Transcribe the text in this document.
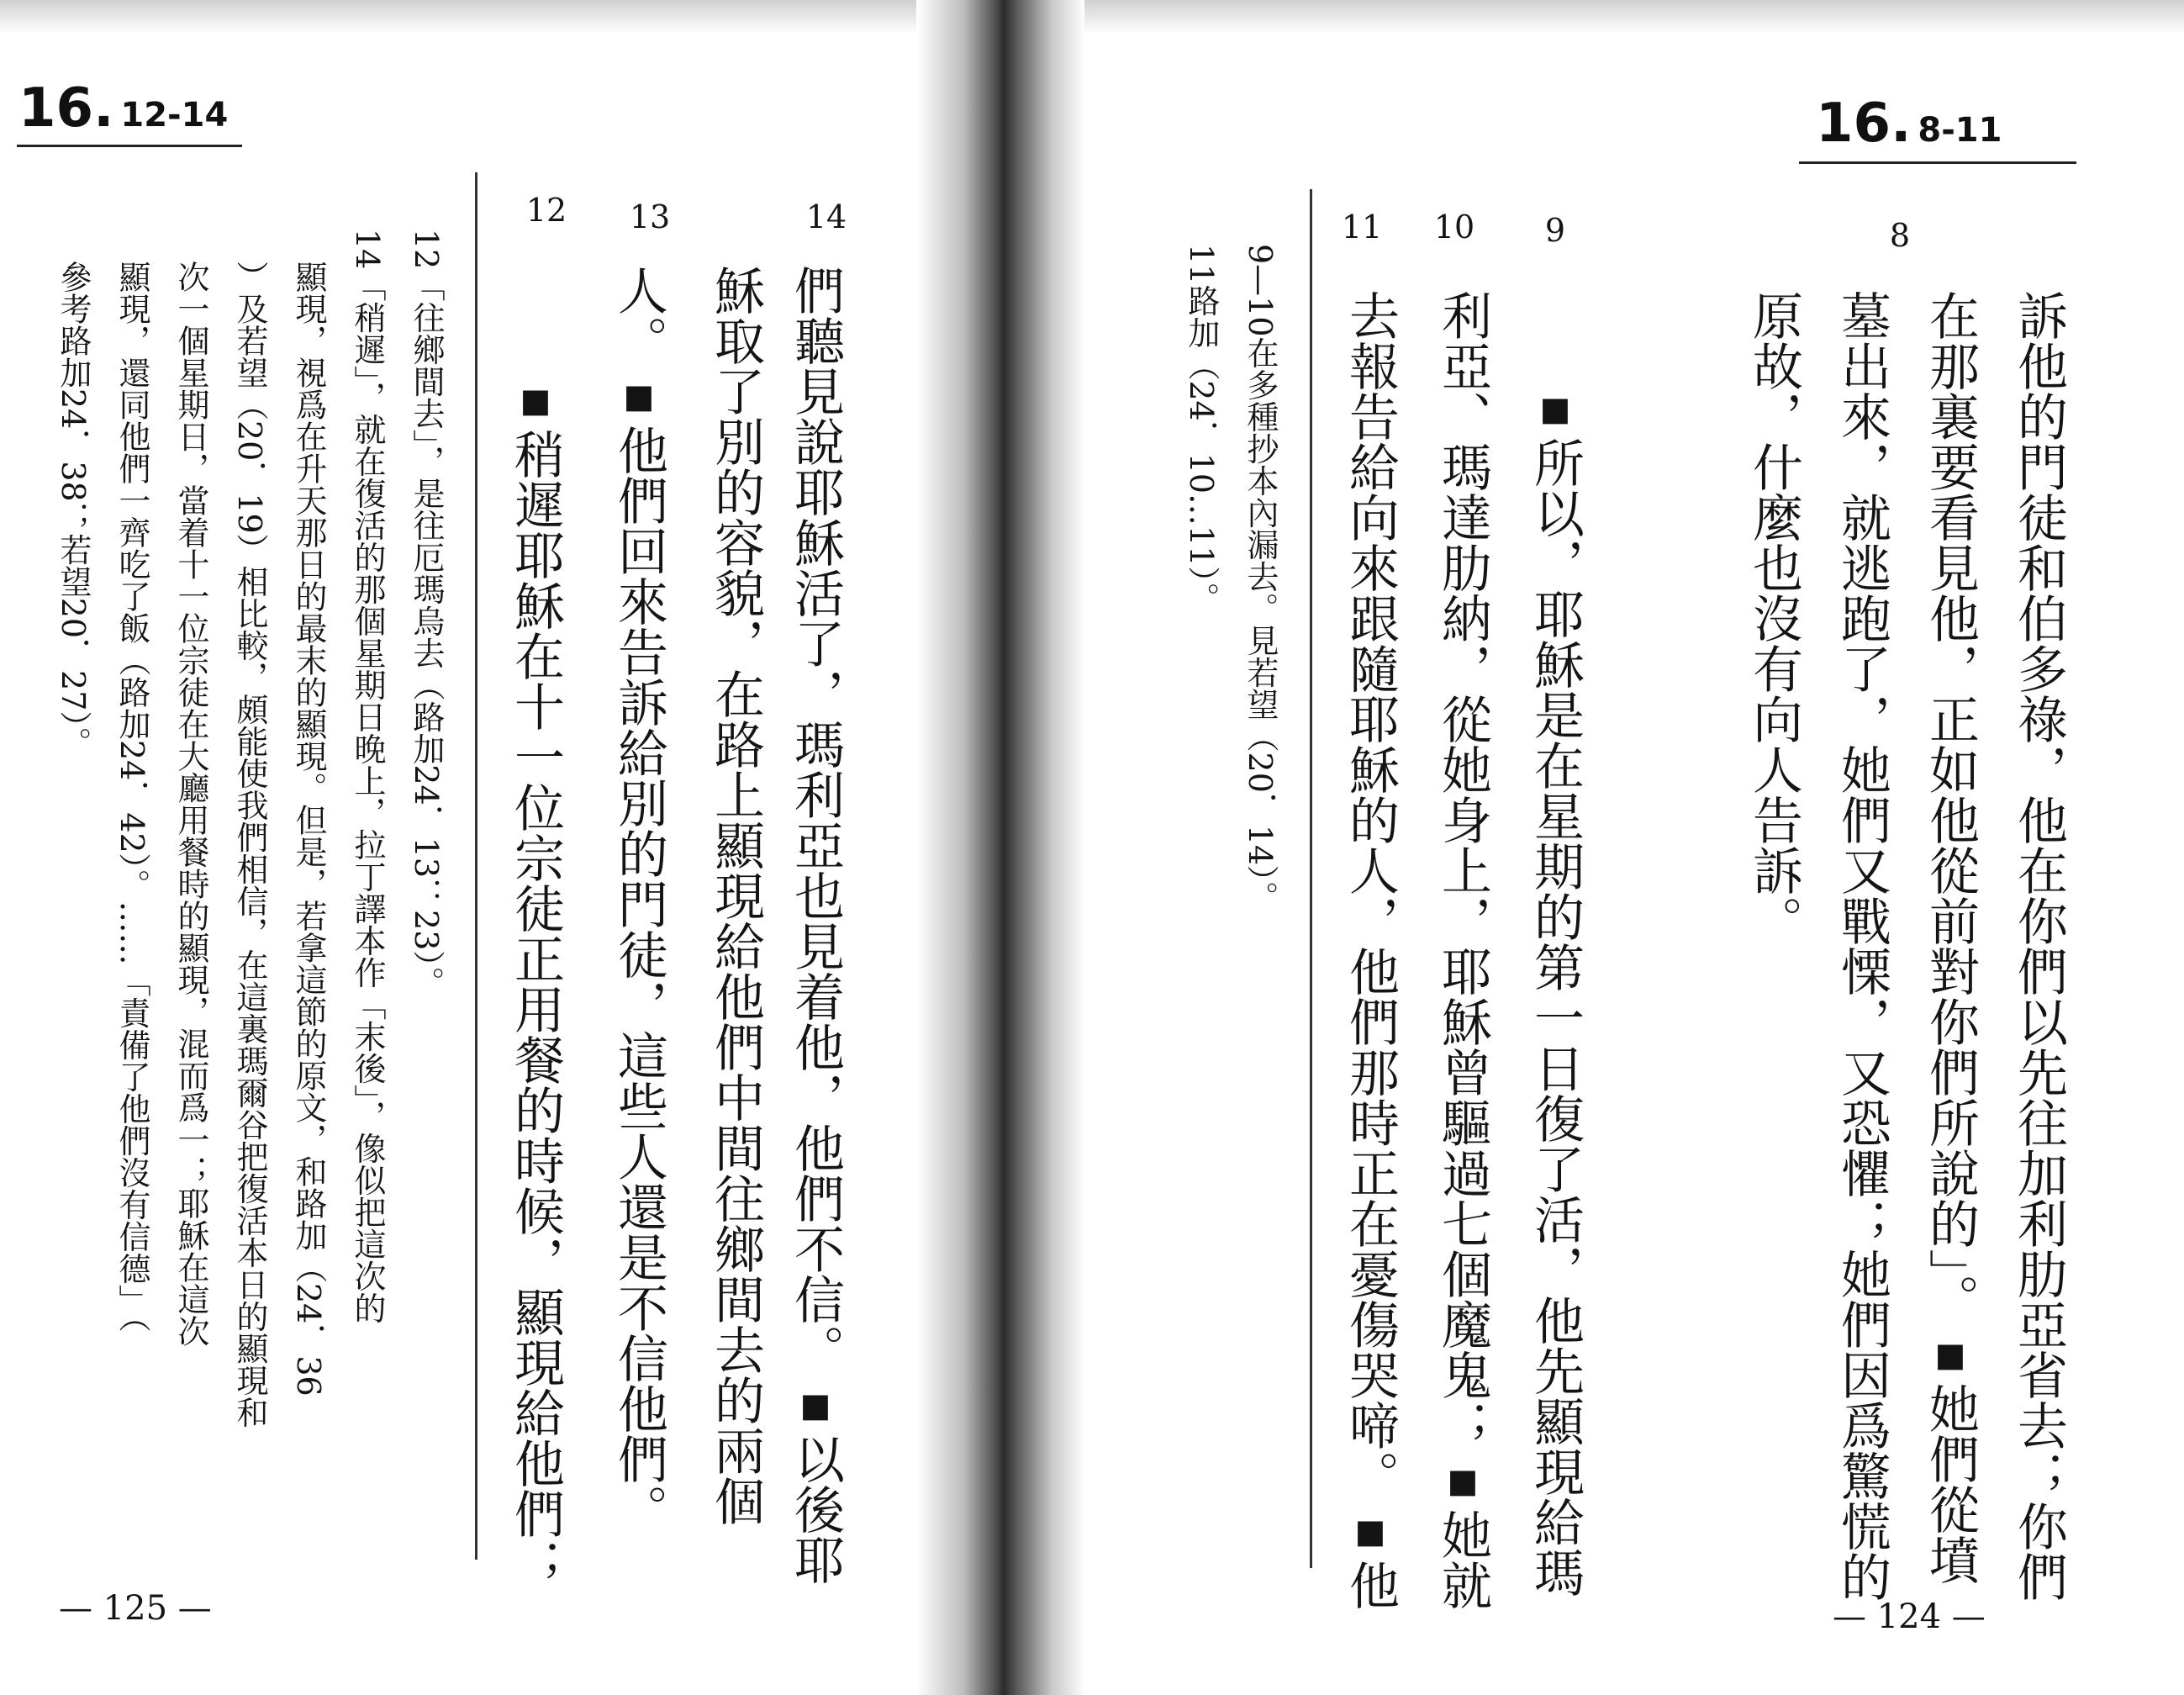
16. 12-14
12	13	14
們聽見說耶穌活了，瑪利亞也見着他，他們不信。▪以後耶
穌取了別的容貌，在路上顯現給他們中間往鄉間去的兩個
人。▪他們回來告訴給別的門徒，這些人還是不信他們。
▪稍遲耶穌在十一位宗徒正用餐的時候，顯現給他們；
12「往鄉間去」，是往厄瑪烏去（路加24．13：23）。
14「稍遲」，就在復活的那個星期日晚上，拉丁譯本作「末後」，像似把這次的
顯現，視爲在升天那日的最末的顯現。但是，若拿這節的原文，和路加（24．36
）及若望（20．19）相比較，頗能使我們相信，在這裏瑪爾谷把復活本日的顯現和
次一個星期日，當着十一位宗徒在大廳用餐時的顯現，混而爲一；耶穌在這次
顯現，還同他們一齊吃了飯（路加24．42）。……「責備了他們沒有信德」（
參考路加24．38；若望20．27）。
— 125 —
16. 8-11
8
9
10
11
訴他的門徒和伯多祿，他在你們以先往加利肋亞省去；你們
在那裏要看見他，正如他從前對你們所說的」。▪她們從墳
墓出來，就逃跑了，她們又戰慄，又恐懼；她們因爲驚慌的
原故，什麼也沒有向人告訴。
▪所以，耶穌是在星期的第一日復了活，他先顯現給瑪
利亞、瑪達肋納，從她身上，耶穌曾驅過七個魔鬼；▪她就
去報告給向來跟隨耶穌的人，他們那時正在憂傷哭啼。▪他
9—10在多種抄本內漏去。見若望（20．14）。
11路加（24．10…11）。
— 124 —
